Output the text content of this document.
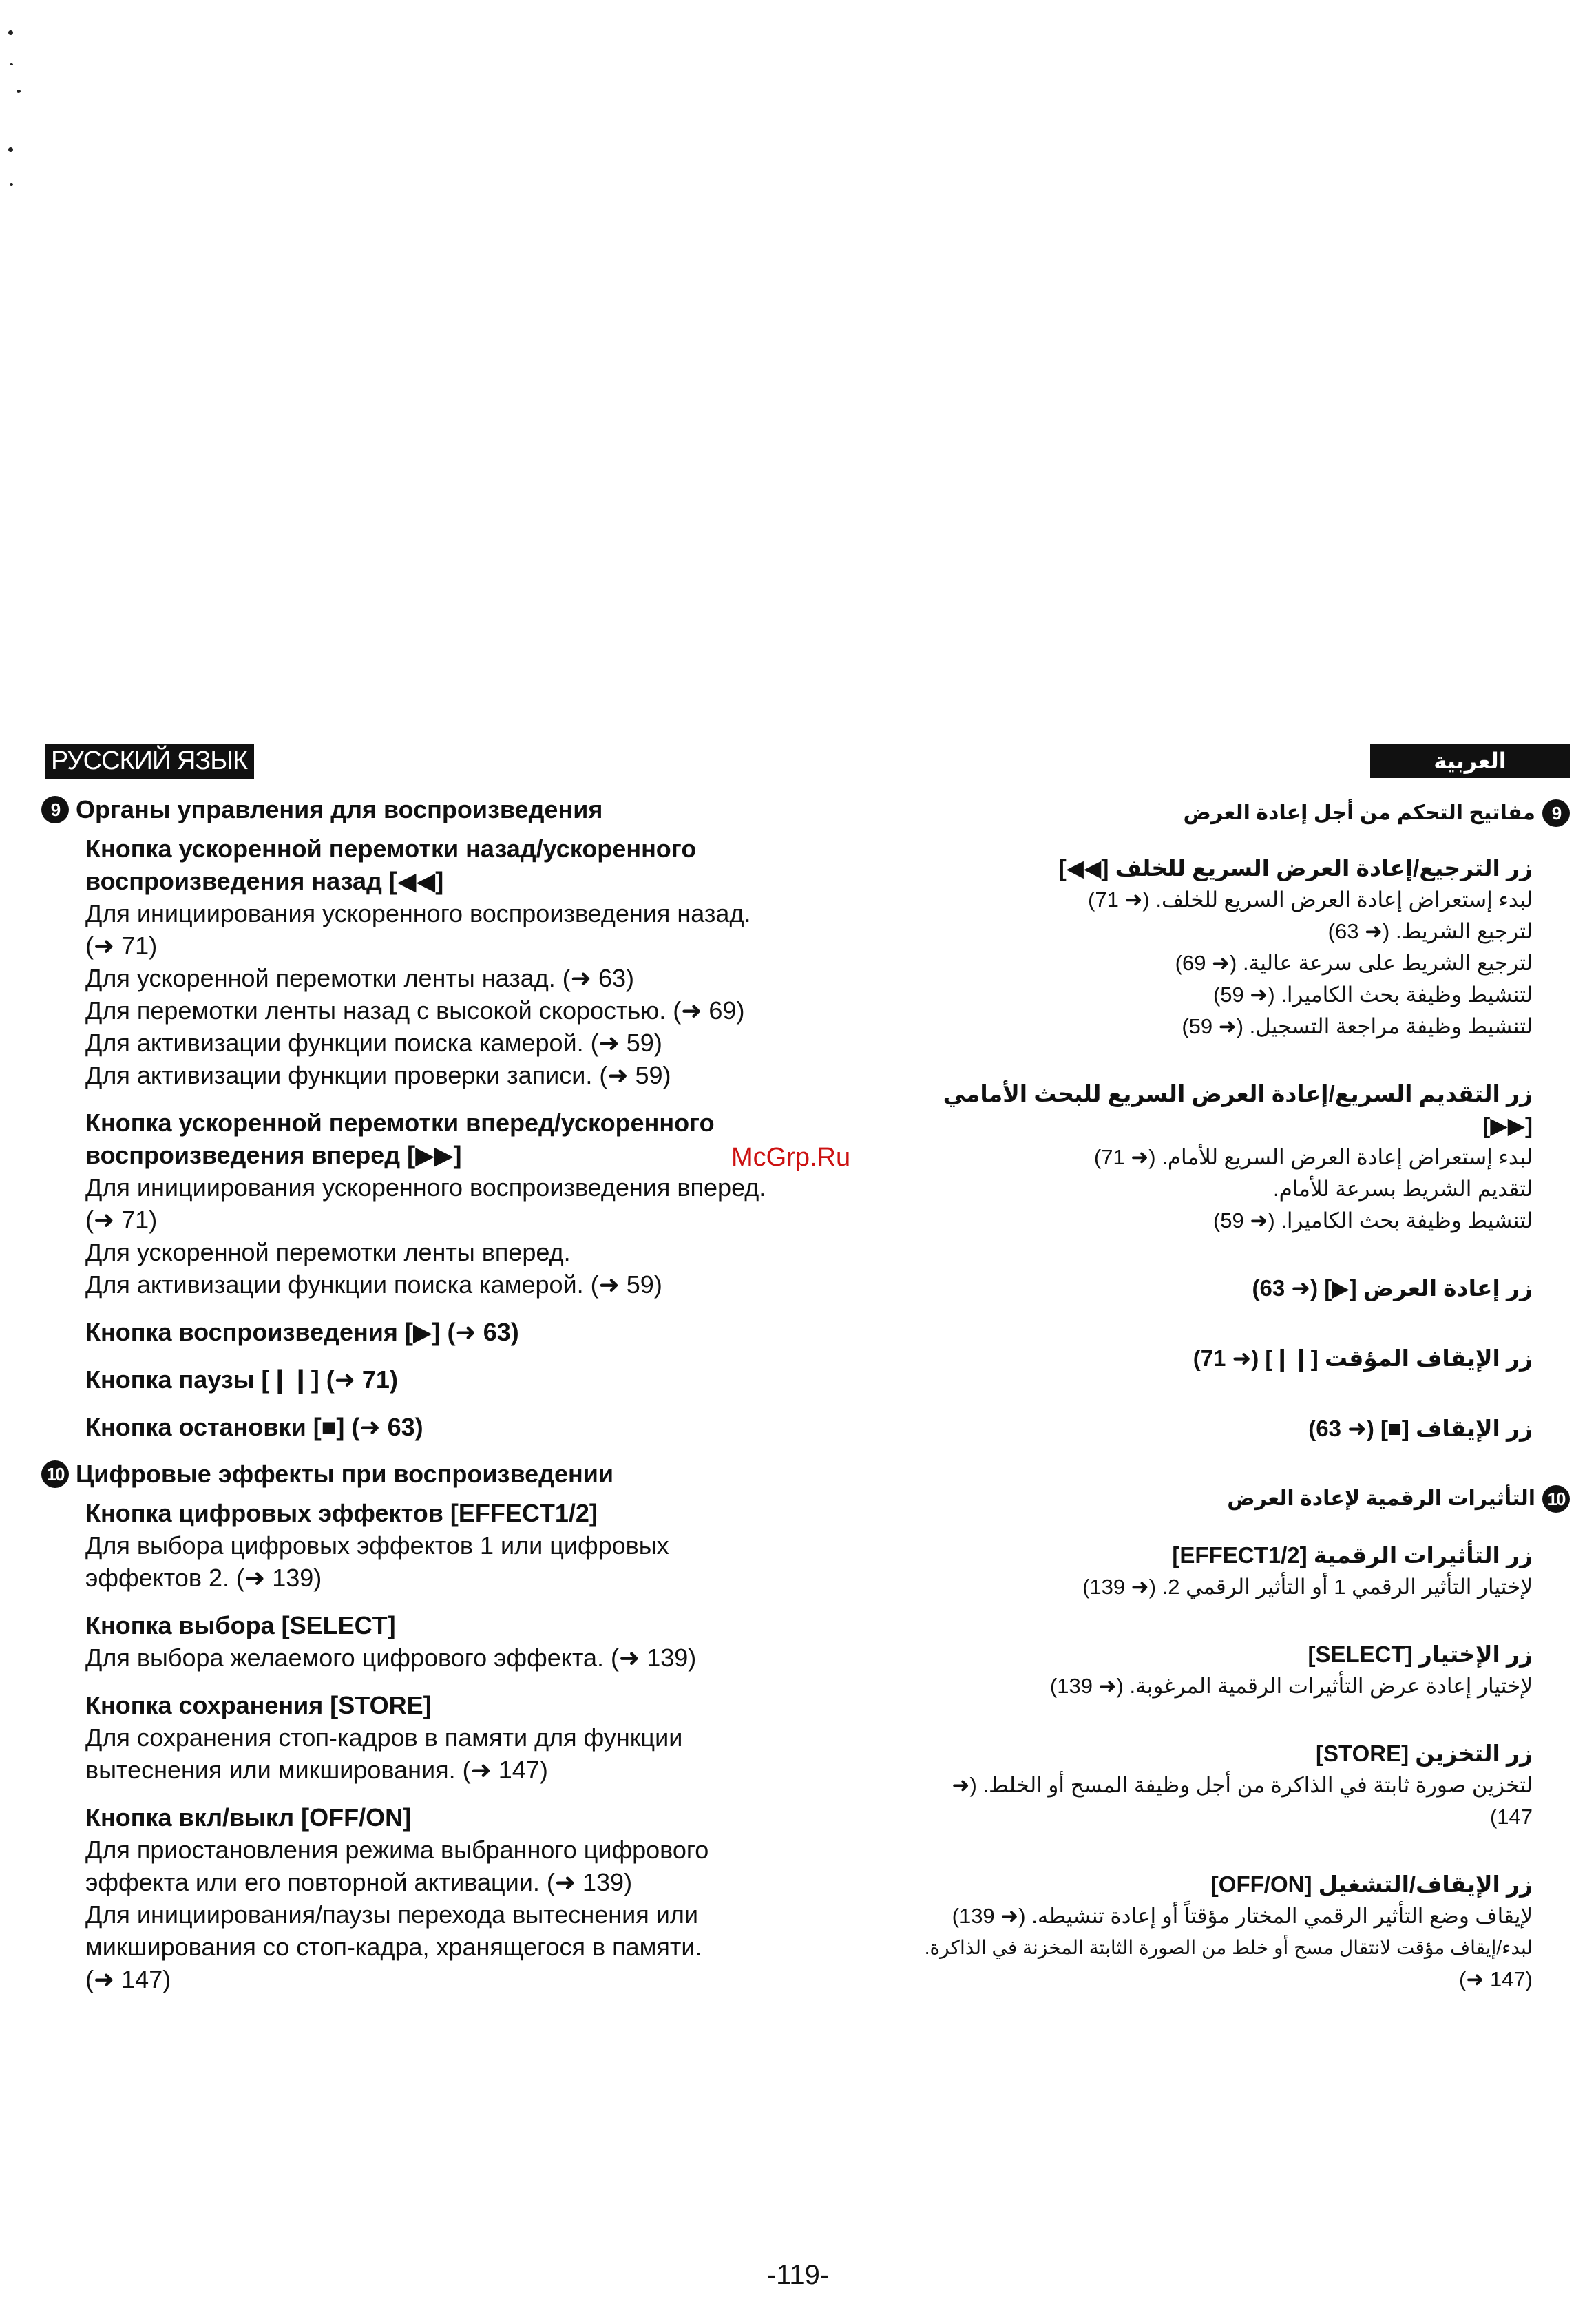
РУССКИЙ ЯЗЫК
9 Органы управления для воспроизведения
Кнопка ускоренной перемотки назад/ускоренного
воспроизведения назад [◀◀]
Для инициирования ускоренного воспроизведения назад.
(➜ 71)
Для ускоренной перемотки ленты назад. (➜ 63)
Для перемотки ленты назад с высокой скоростью. (➜ 69)
Для активизации функции поиска камерой. (➜ 59)
Для активизации функции проверки записи. (➜ 59)
Кнопка ускоренной перемотки вперед/ускоренного
воспроизведения вперед [▶▶]
Для инициирования ускоренного воспроизведения вперед.
(➜ 71)
Для ускоренной перемотки ленты вперед.
Для активизации функции поиска камерой. (➜ 59)
Кнопка воспроизведения [▶] (➜ 63)
Кнопка паузы [❙❙] (➜ 71)
Кнопка остановки [■] (➜ 63)
10 Цифровые эффекты при воспроизведении
Кнопка цифровых эффектов [EFFECT1/2]
Для выбора цифровых эффектов 1 или цифровых
эффектов 2. (➜ 139)
Кнопка выбора [SELECT]
Для выбора желаемого цифрового эффекта. (➜ 139)
Кнопка сохранения [STORE]
Для сохранения стоп-кадров в памяти для функции
вытеснения или микширования. (➜ 147)
Кнопка вкл/выкл [OFF/ON]
Для приостановления режима выбранного цифрового
эффекта или его повторной активации. (➜ 139)
Для инициирования/паузы перехода вытеснения или
микширования со стоп-кадра, хранящегося в памяти.
(➜ 147)
العربية
مفاتيح التحكم من أجل إعادة العرض 9
زر الترجيع/إعادة العرض السريع للخلف [◀◀]
لبدء إستعراض إعادة العرض السريع للخلف. (➜ 71)
لترجيع الشريط. (➜ 63)
لترجيع الشريط على سرعة عالية. (➜ 69)
لتنشيط وظيفة بحث الكاميرا. (➜ 59)
لتنشيط وظيفة مراجعة التسجيل. (➜ 59)
زر التقديم السريع/إعادة العرض السريع للبحث الأمامي [▶▶]
لبدء إستعراض إعادة العرض السريع للأمام. (➜ 71)
لتقديم الشريط بسرعة للأمام.
لتنشيط وظيفة بحث الكاميرا. (➜ 59)
زر إعادة العرض [▶] (➜ 63)
زر الإيقاف المؤقت [❙❙] (➜ 71)
زر الإيقاف [■] (➜ 63)
التأثيرات الرقمية لإعادة العرض 10
زر التأثيرات الرقمية [EFFECT1/2]
لإختيار التأثير الرقمي 1 أو التأثير الرقمي 2. (➜ 139)
زر الإختيار [SELECT]
لإختيار إعادة عرض التأثيرات الرقمية المرغوبة. (➜ 139)
زر التخزين [STORE]
لتخزين صورة ثابتة في الذاكرة من أجل وظيفة المسح أو الخلط. (➜ 147)
زر الإيقاف/التشغيل [OFF/ON]
لإيقاف وضع التأثير الرقمي المختار مؤقتاً أو إعادة تنشيطه. (➜ 139)
لبدء/إيقاف مؤقت لانتقال مسح أو خلط من الصورة الثابتة المخزنة في الذاكرة.
(➜ 147)
McGrp.Ru
-119-
